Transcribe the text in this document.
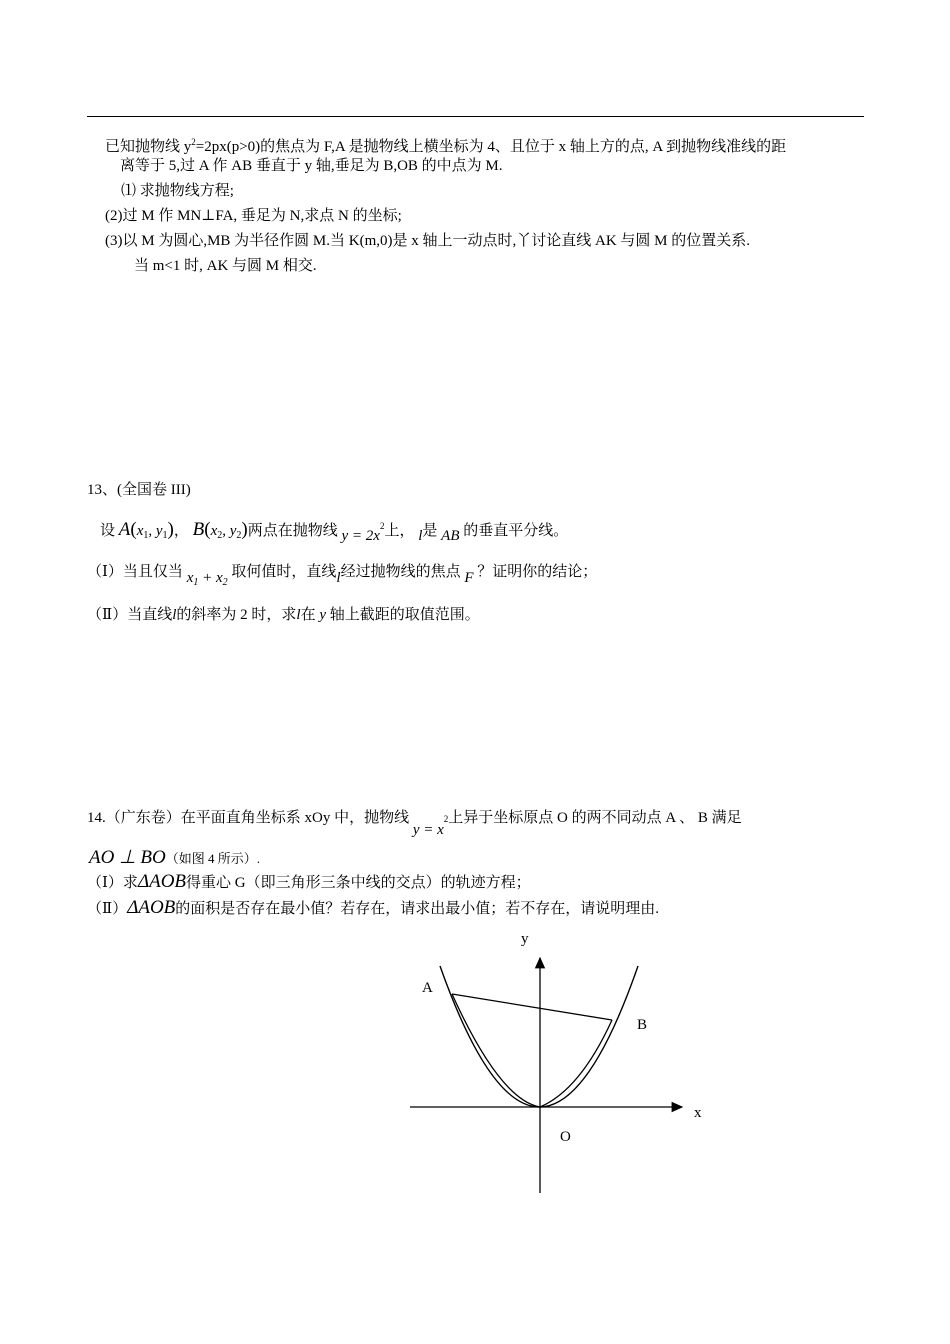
已知抛物线 $y^2=2px(p>0)$的焦点为 F,A 是抛物线上横坐标为 4、且位于 x 轴上方的点, A 到抛物线准线的距
离等于 5,过 A 作 AB 垂直于 y 轴,垂足为 B,OB 的中点为 M.
⑴ 求抛物线方程;
(2)过 M 作 MN⊥FA, 垂足为 N,求点 N 的坐标;
(3)以 M 为圆心,MB 为半径作圆 M.当 K(m,0)是 x 轴上一动点时,丫讨论直线 AK 与圆 M 的位置关系.
当 m<1 时, AK 与圆 M 相交.
13、(全国卷 III)
设 $A(x_1$, $y_1$)， $B(x_2$, $y_2$)两点在抛物线 $y = 2x^2$上， l是 AB 的垂直平分线。
（Ⅰ）当且仅当 $x_1 + x_2$ 取何值时，直线l经过抛物线的焦点 F ？证明你的结论；
（Ⅱ）当直线l的斜率为 2 时，求l在 y 轴上截距的取值范围。
14.（广东卷）在平面直角坐标系 xOy 中，抛物线 $y = x^2$上异于坐标原点 O 的两不同动点 A 、 B 满足
AO ⊥ BO（如图 4 所示）.
（Ⅰ）求ΔAOB得重心 G（即三角形三条中线的交点）的轨迹方程；
（Ⅱ）ΔAOB的面积是否存在最小值？若存在，请求出最小值；若不存在，请说明理由.
y
x
O
A
B
